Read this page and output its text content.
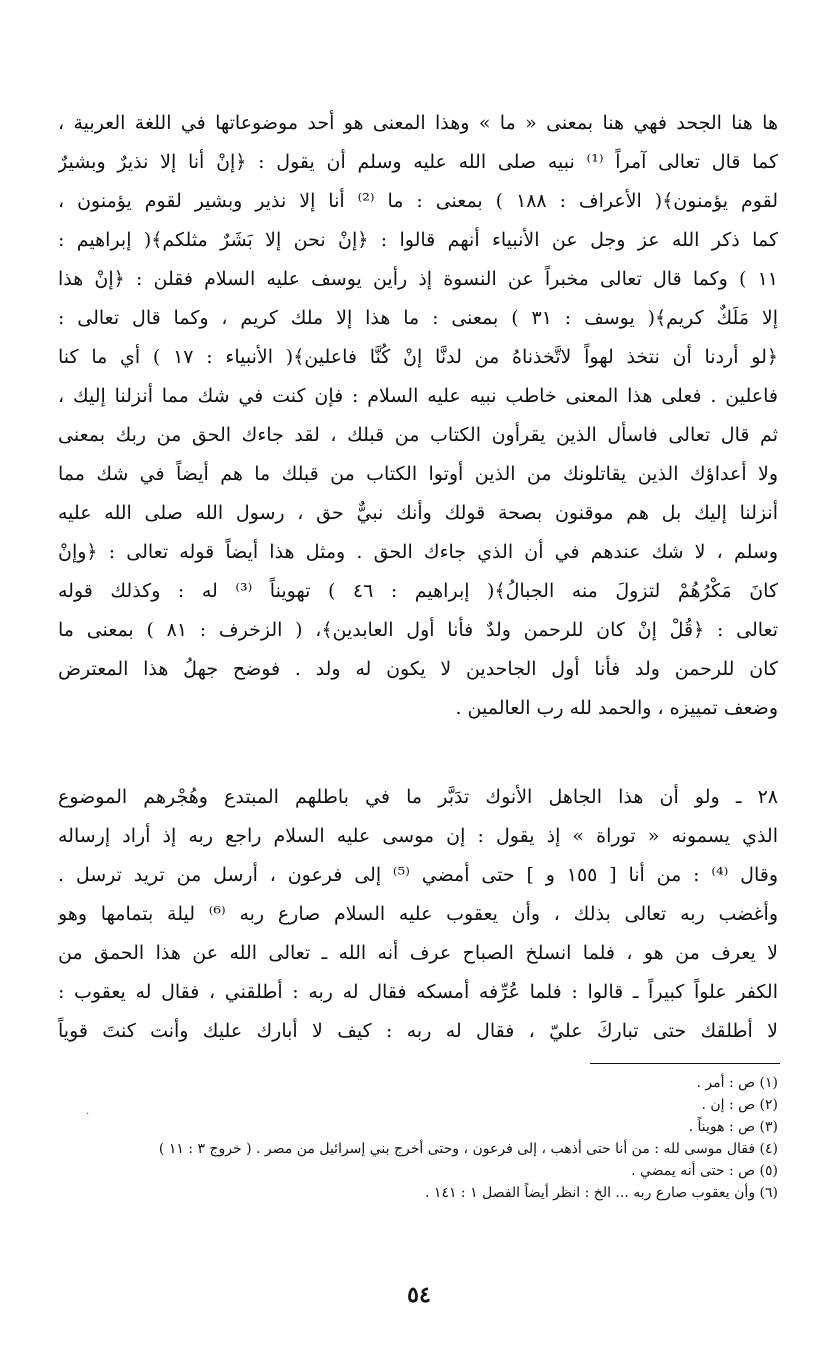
ها هنا الجحد فهي هنا بمعنى « ما » وهذا المعنى هو أحد موضوعاتها في اللغة العربية ،

كما قال تعالى آمراً ⁽¹⁾ نبيه صلى الله عليه وسلم أن يقول : ﴿إنْ أنا إلا نذيرٌ وبشيرٌ

لقوم يؤمنون﴾( الأعراف : ١٨٨ ) بمعنى : ما ⁽²⁾ أنا إلا نذير وبشير لقوم يؤمنون ،

كما ذكر الله عز وجل عن الأنبياء أنهم قالوا : ﴿إنْ نحن إلا بَشَرٌ مثلكم﴾( إبراهيم :

١١ ) وكما قال تعالى مخبراً عن النسوة إذ رأين يوسف عليه السلام فقلن : ﴿إنْ هذا

إلا مَلَكٌ كريم﴾( يوسف : ٣١ ) بمعنى : ما هذا إلا ملك كريم ، وكما قال تعالى :

﴿لو أردنا أن نتخذ لهواً لاتَّخذناهُ من لدنَّا إنْ كُنَّا فاعلين﴾( الأنبياء : ١٧ ) أي ما كنا

فاعلين . فعلى هذا المعنى خاطب نبيه عليه السلام : فإن كنت في شك مما أنزلنا إليك ،

ثم قال تعالى فاسأل الذين يقرأون الكتاب من قبلك ، لقد جاءك الحق من ربك بمعنى

ولا أعداؤك الذين يقاتلونك من الذين أوتوا الكتاب من قبلك ما هم أيضاً في شك مما

أنزلنا إليك بل هم موقنون بصحة قولك وأنك نبيٌّ حق ، رسول الله صلى الله عليه

وسلم ، لا شك عندهم في أن الذي جاءك الحق . ومثل هذا أيضاً قوله تعالى : ﴿وإنْ

كانَ مَكْرُهُمْ لتزولَ منه الجبالُ﴾( إبراهيم : ٤٦ ) تهويناً ⁽³⁾ له : وكذلك قوله

تعالى : ﴿قُلْ إنْ كان للرحمن ولدٌ فأنا أول العابدين﴾، ( الزخرف : ٨١ ) بمعنى ما

كان للرحمن ولد فأنا أول الجاحدين لا يكون له ولد . فوضح جهلُ هذا المعترض

وضعف تمييزه ، والحمد لله رب العالمين .

٢٨ ـ ولو أن هذا الجاهل الأنوك تدَبَّر ما في باطلهم المبتدع وهُجْرهم الموضوع

الذي يسمونه « توراة » إذ يقول : إن موسى عليه السلام راجع ربه إذ أراد إرساله

وقال ⁽⁴⁾ : من أنا [ ١٥٥ و ] حتى أمضي ⁽⁵⁾ إلى فرعون ، أرسل من تريد ترسل .

وأغضب ربه تعالى بذلك ، وأن يعقوب عليه السلام صارع ربه ⁽⁶⁾ ليلة بتمامها وهو

لا يعرف من هو ، فلما انسلخ الصباح عرف أنه الله ـ تعالى الله عن هذا الحمق من

الكفر علواً كبيراً ـ قالوا : فلما عُرِّفه أمسكه فقال له ربه : أطلقني ، فقال له يعقوب :

لا أطلقك حتى تباركَ عليّ ، فقال له ربه : كيف لا أبارك عليك وأنت كنتَ قوياً

.

(١) ص : أمر .

(٢) ص : إن .

(٣) ص : هويناً .

(٤) فقال موسى لله : من أنا حتى أذهب ، إلى فرعون ، وحتى أخرج بني إسرائيل من مصر . ( خروج ٣ : ١١ )

(٥) ص : حتى أنه يمضي .

(٦) وأن يعقوب صارع ربه ... الخ : انظر أيضاً الفصل ١ : ١٤١ .

٥٤
